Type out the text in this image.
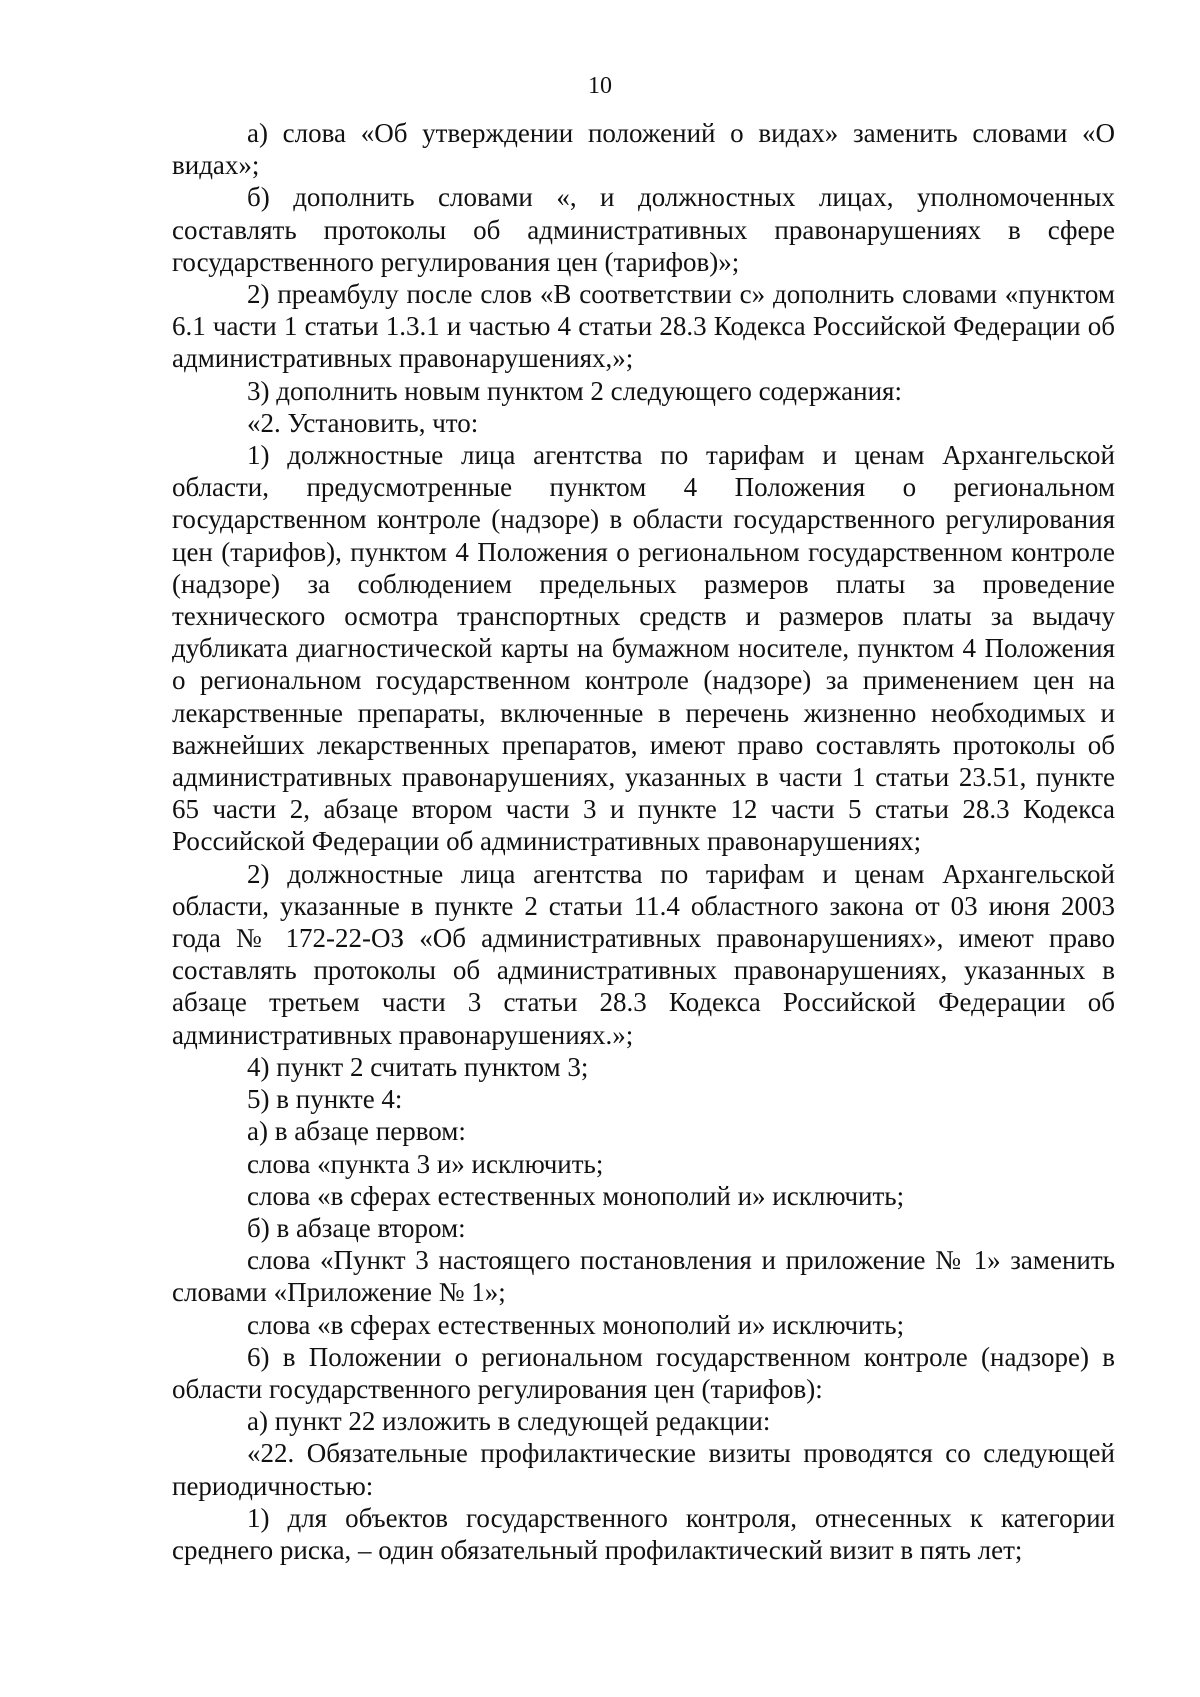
10

а) слова «Об утверждении положений о видах» заменить словами «О видах»;

б) дополнить словами «, и должностных лицах, уполномоченных составлять протоколы об административных правонарушениях в сфере государственного регулирования цен (тарифов)»;

2) преамбулу после слов «В соответствии с» дополнить словами «пунктом 6.1 части 1 статьи 1.3.1 и частью 4 статьи 28.3 Кодекса Российской Федерации об административных правонарушениях,»;

3) дополнить новым пунктом 2 следующего содержания:

«2. Установить, что:

1) должностные лица агентства по тарифам и ценам Архангельской области, предусмотренные пунктом 4 Положения о региональном государственном контроле (надзоре) в области государственного регулирования цен (тарифов), пунктом 4 Положения о региональном государственном контроле (надзоре) за соблюдением предельных размеров платы за проведение технического осмотра транспортных средств и размеров платы за выдачу дубликата диагностической карты на бумажном носителе, пунктом 4 Положения о региональном государственном контроле (надзоре) за применением цен на лекарственные препараты, включенные в перечень жизненно необходимых и важнейших лекарственных препаратов, имеют право составлять протоколы об административных правонарушениях, указанных в части 1 статьи 23.51, пункте 65 части 2, абзаце втором части 3 и пункте 12 части 5 статьи 28.3 Кодекса Российской Федерации об административных правонарушениях;

2) должностные лица агентства по тарифам и ценам Архангельской области, указанные в пункте 2 статьи 11.4 областного закона от 03 июня 2003 года № 172-22-ОЗ «Об административных правонарушениях», имеют право составлять протоколы об административных правонарушениях, указанных в абзаце третьем части 3 статьи 28.3 Кодекса Российской Федерации об административных правонарушениях.»;

4) пункт 2 считать пунктом 3;

5) в пункте 4:

а) в абзаце первом:

слова «пункта 3 и» исключить;

слова «в сферах естественных монополий и» исключить;

б) в абзаце втором:

слова «Пункт 3 настоящего постановления и приложение № 1» заменить словами «Приложение № 1»;

слова «в сферах естественных монополий и» исключить;

6) в Положении о региональном государственном контроле (надзоре) в области государственного регулирования цен (тарифов):

а) пункт 22 изложить в следующей редакции:

«22. Обязательные профилактические визиты проводятся со следующей периодичностью:

1) для объектов государственного контроля, отнесенных к категории среднего риска, – один обязательный профилактический визит в пять лет;
